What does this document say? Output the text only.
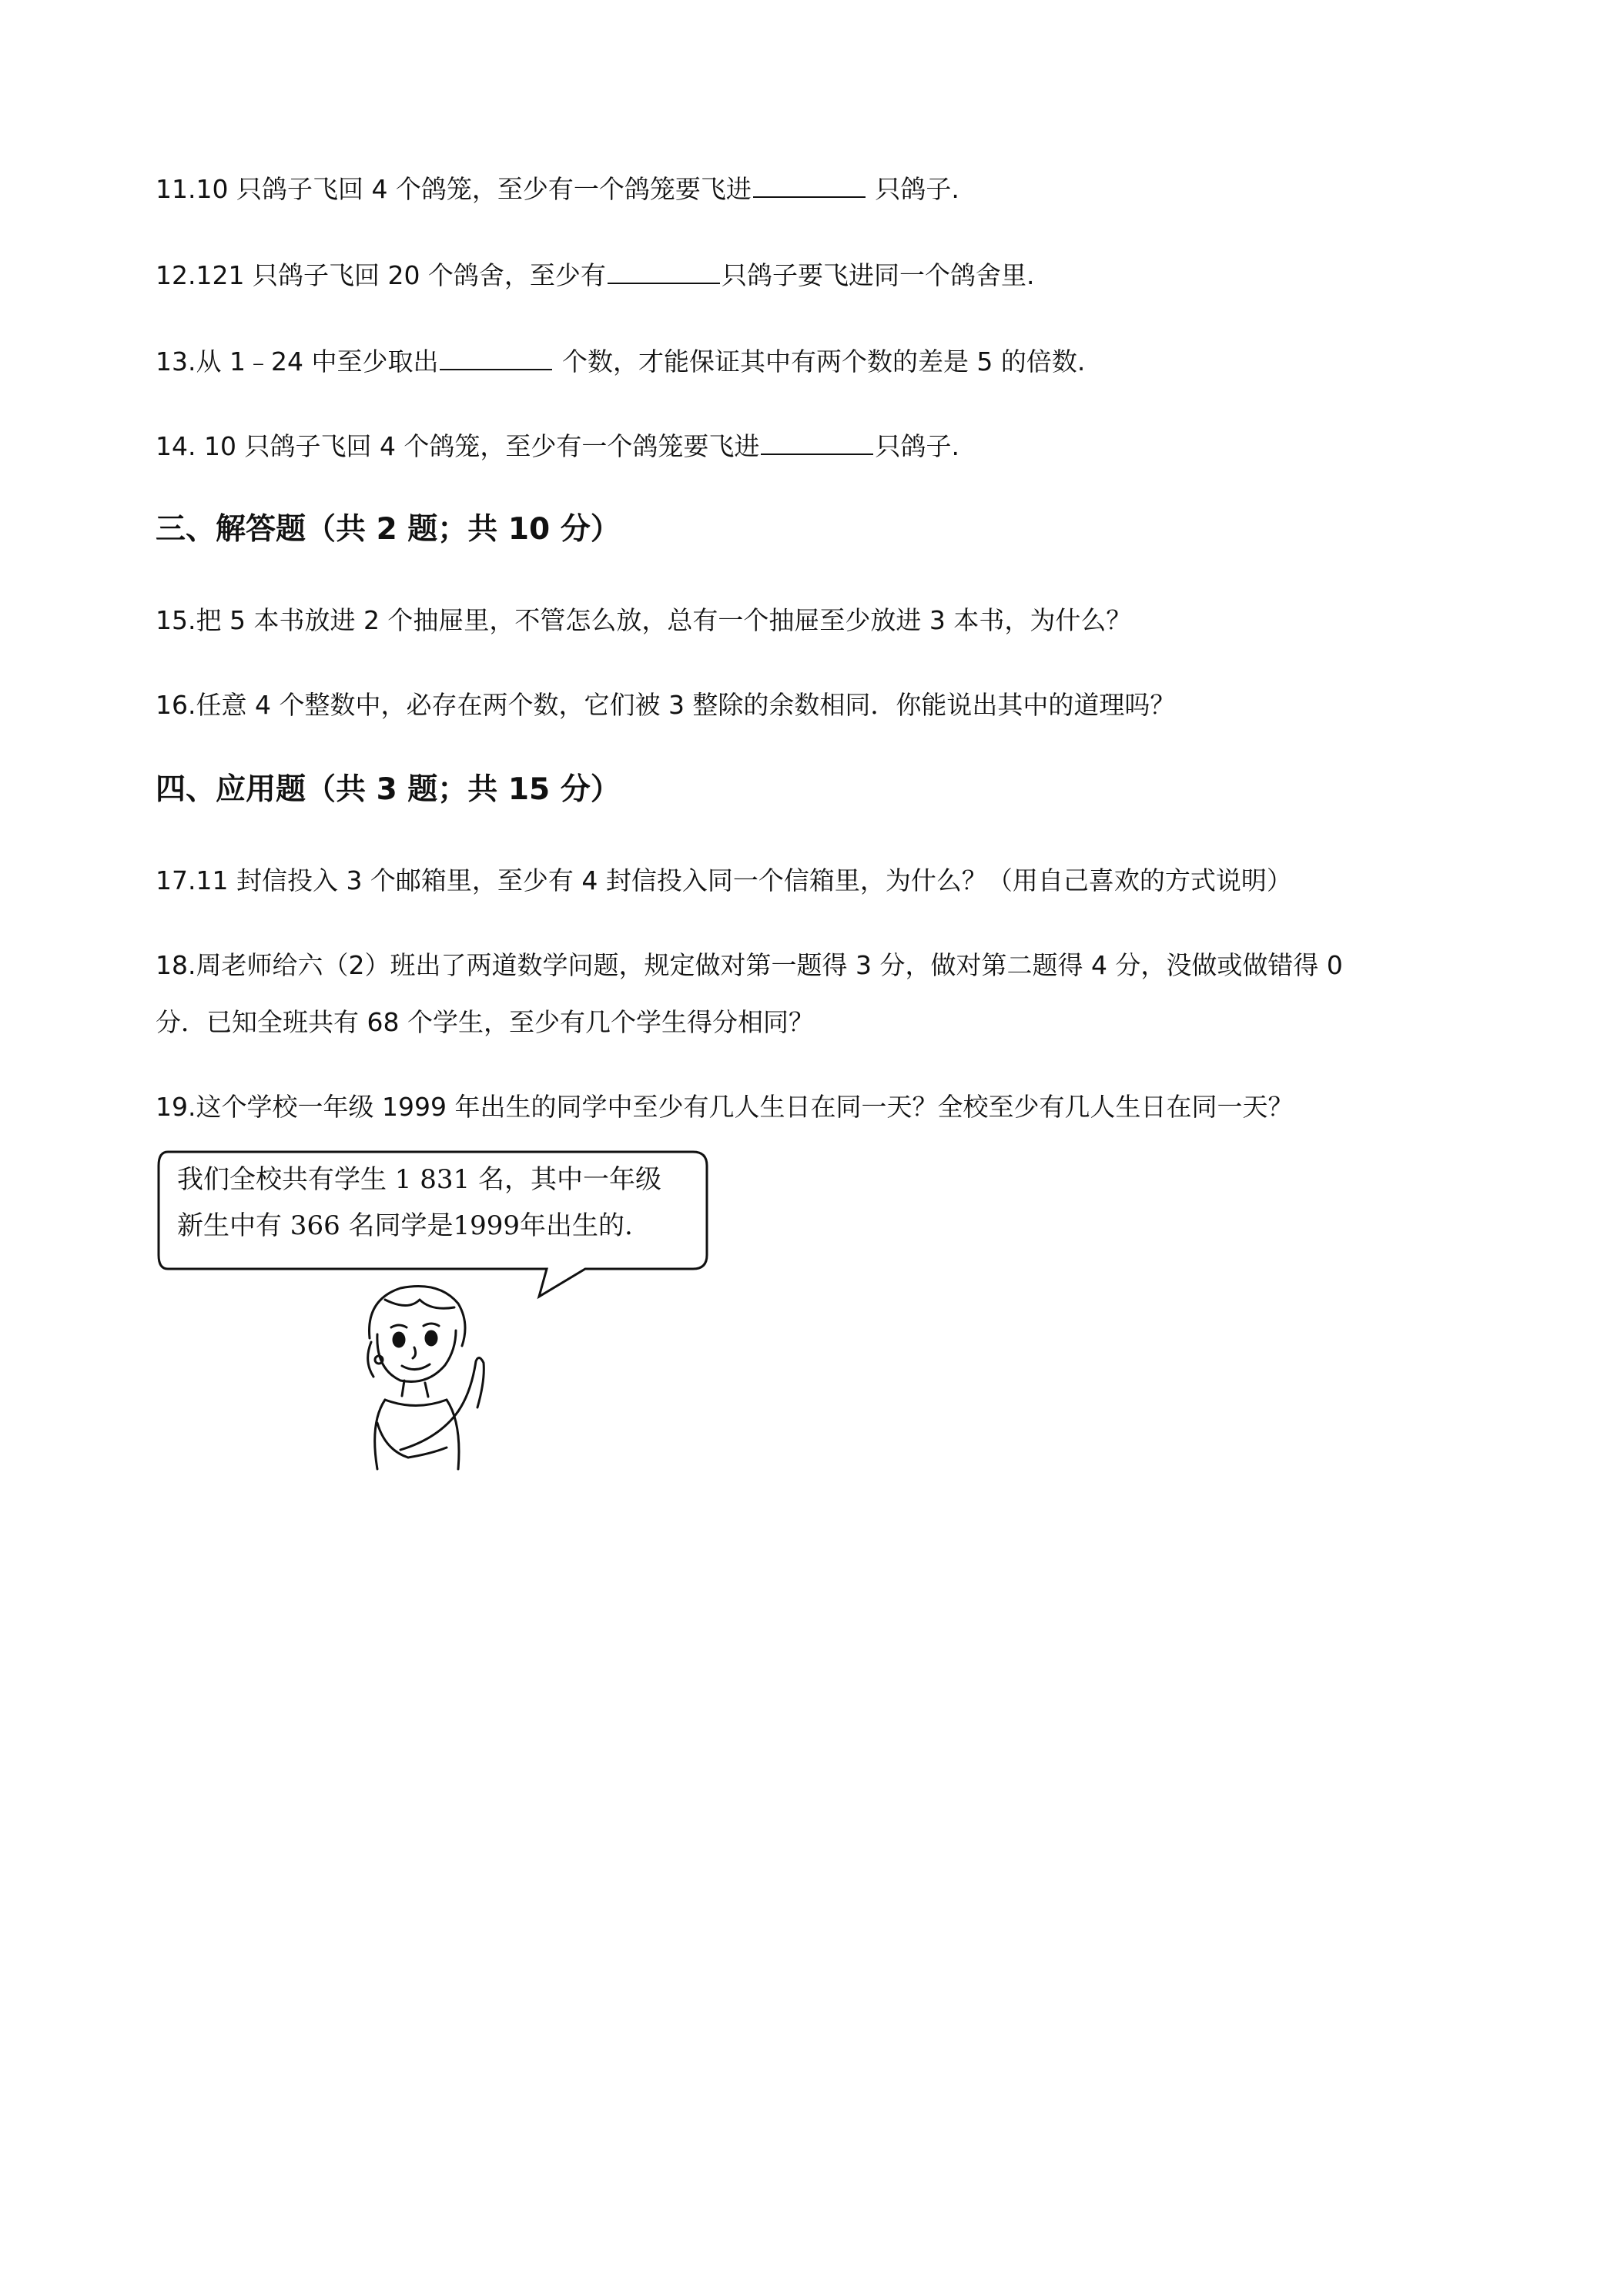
11.10 只鸽子飞回 4 个鸽笼，至少有一个鸽笼要飞进	只鸽子.
12.121 只鸽子飞回 20 个鸽舍，至少有	只鸽子要飞进同一个鸽舍里.
13.从 1﹣24 中至少取出	个数，才能保证其中有两个数的差是 5 的倍数.
14. 10 只鸽子飞回 4 个鸽笼，至少有一个鸽笼要飞进	只鸽子.
三、解答题（共 2 题；共 10 分）
15.把 5 本书放进 2 个抽屉里，不管怎么放，总有一个抽屉至少放进 3 本书，为什么？
16.任意 4 个整数中，必存在两个数，它们被 3 整除的余数相同．你能说出其中的道理吗？
四、应用题（共 3 题；共 15 分）
17.11 封信投入 3 个邮箱里，至少有 4 封信投入同一个信箱里，为什么？（用自己喜欢的方式说明）
18.周老师给六（2）班出了两道数学问题，规定做对第一题得 3 分，做对第二题得 4 分，没做或做错得 0
分．已知全班共有 68 个学生，至少有几个学生得分相同？
19.这个学校一年级 1999 年出生的同学中至少有几人生日在同一天？全校至少有几人生日在同一天？
我们全校共有学生 1 831 名，其中一年级
新生中有 366 名同学是1999年出生的.
